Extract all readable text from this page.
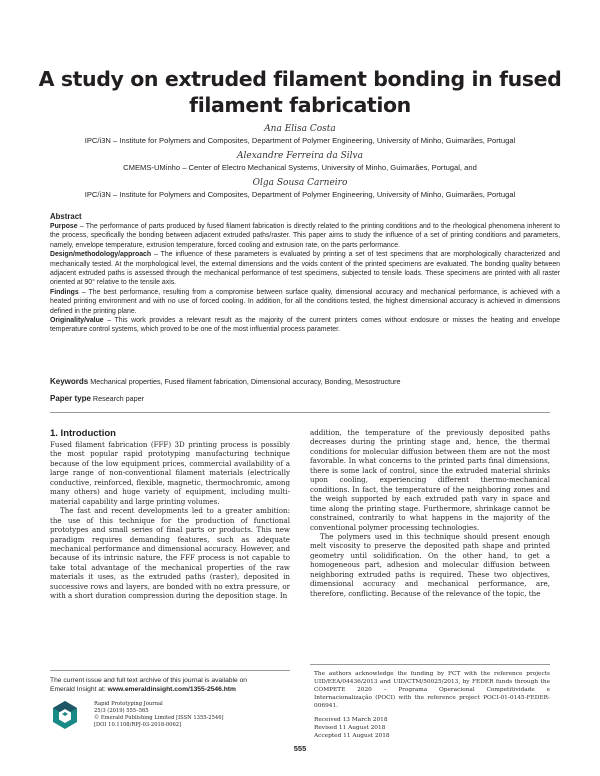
A study on extruded filament bonding in fused filament fabrication
Ana Elisa Costa
IPC/i3N – Institute for Polymers and Composites, Department of Polymer Engineering, University of Minho, Guimarães, Portugal
Alexandre Ferreira da Silva
CMEMS-UMinho – Center of Electro Mechanical Systems, University of Minho, Guimarães, Portugal, and
Olga Sousa Carneiro
IPC/i3N – Institute for Polymers and Composites, Department of Polymer Engineering, University of Minho, Guimarães, Portugal

Abstract

Purpose – The performance of parts produced by fused filament fabrication is directly related to the printing conditions and to the rheological phenomena inherent to the process, specifically the bonding between adjacent extruded paths/raster. This paper aims to study the influence of a set of printing conditions and parameters, namely, envelope temperature, extrusion temperature, forced cooling and extrusion rate, on the parts performance.

Design/methodology/approach – The influence of these parameters is evaluated by printing a set of test specimens that are morphologically characterized and mechanically tested. At the morphological level, the external dimensions and the voids content of the printed specimens are evaluated. The bonding quality between adjacent extruded paths is assessed through the mechanical performance of test specimens, subjected to tensile loads. These specimens are printed with all raster oriented at 90° relative to the tensile axis.

Findings – The best performance, resulting from a compromise between surface quality, dimensional accuracy and mechanical performance, is achieved with a heated printing environment and with no use of forced cooling. In addition, for all the conditions tested, the highest dimensional accuracy is achieved in dimensions defined in the printing plane.

Originality/value – This work provides a relevant result as the majority of the current printers comes without endosure or misses the heating and envelope temperature control systems, which proved to be one of the most influential process parameter.

Keywords Mechanical properties, Fused filament fabrication, Dimensional accuracy, Bonding, Mesostructure
Paper type Research paper

1. Introduction

Fused filament fabrication (FFF) 3D printing process is possibly the most popular rapid prototyping manufacturing technique because of the low equipment prices, commercial availability of a large range of non-conventional filament materials (electrically conductive, reinforced, flexible, magnetic, thermochromic, among many others) and huge variety of equipment, including multi-material capability and large printing volumes.

The fast and recent developments led to a greater ambition: the use of this technique for the production of functional prototypes and small series of final parts or products. This new paradigm requires demanding features, such as adequate mechanical performance and dimensional accuracy. However, and because of its intrinsic nature, the FFF process is not capable to take total advantage of the mechanical properties of the raw materials it uses, as the extruded paths (raster), deposited in successive rows and layers, are bonded with no extra pressure, or with a short duration compression during the deposition stage. In

addition, the temperature of the previously deposited paths decreases during the printing stage and, hence, the thermal conditions for molecular diffusion between them are not the most favorable. In what concerns to the printed parts final dimensions, there is some lack of control, since the extruded material shrinks upon cooling, experiencing different thermo-mechanical conditions. In fact, the temperature of the neighboring zones and the weigh supported by each extruded path vary in space and time along the printing stage. Furthermore, shrinkage cannot be constrained, contrarily to what happens in the majority of the conventional polymer processing technologies.

The polymers used in this technique should present enough melt viscosity to preserve the deposited path shape and printed geometry until solidification. On the other hand, to get a homogeneous part, adhesion and molecular diffusion between neighboring extruded paths is required. These two objectives, dimensional accuracy and mechanical performance, are, therefore, conflicting. Because of the relevance of the topic, the

The current issue and full text archive of this journal is available on
Emerald Insight at: www.emeraldinsight.com/1355-2546.htm
Rapid Prototyping Journal
25/3 (2019) 555–565
© Emerald Publishing Limited [ISSN 1355-2546]
[DOI 10.1108/RPJ-03-2018-0062]
The authors acknowledge the funding by FCT with the reference projects UID/EEA/04436/2013 and UID/CTM/50025/2013, by FEDER funds through the COMPETE 2020 – Programa Operacional Competitividade e Internacionalização (POCI) with the reference project POCI-01-0145-FEDER-006941.
Received 13 March 2018
Revised 11 August 2018
Accepted 11 August 2018
555
